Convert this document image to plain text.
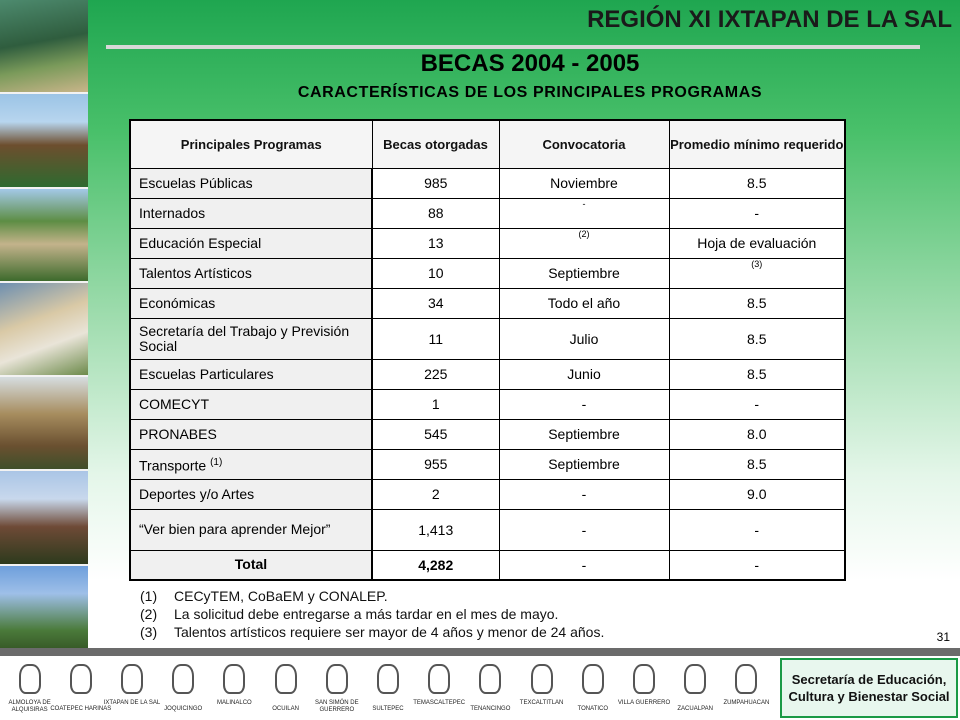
REGIÓN XI IXTAPAN DE LA SAL
BECAS 2004 - 2005
CARACTERÍSTICAS DE LOS PRINCIPALES PROGRAMAS
Principales Programas	Becas otorgadas	Convocatoria	Promedio mínimo requerido
Escuelas Públicas	985	Noviembre	8.5
Internados	88	-	-
Educación Especial	13	(2)	Hoja de evaluación
Talentos Artísticos	10	Septiembre	(3)
Económicas	34	Todo el año	8.5
Secretaría del Trabajo y Previsión Social	11	Julio	8.5
Escuelas Particulares	225	Junio	8.5
COMECYT	1	-	-
PRONABES	545	Septiembre	8.0
Transporte $^{(1)}$	955	Septiembre	8.5
Deportes y/o Artes	2	-	9.0
“Ver bien para aprender Mejor”	1,413	-	-
Total	4,282	-	-
(1) CECyTEM, CoBaEM y CONALEP.
(2) La solicitud debe entregarse a más tardar en el mes de mayo.
(3) Talentos artísticos requiere ser mayor de 4 años y menor de 24 años.	31
ALMOLOYA DE ALQUISIRAS COATEPEC HARINAS
IXTAPAN DE LA SAL
JOQUICINGO
MALINALCO
OCUILAN
SAN SIMÓN DE GUERRERO	SULTEPEC
TEMASCALTEPEC
TENANCINGO
TEXCALTITLAN
TONATICO
VILLA GUERRERO
ZACUALPAN
ZUMPAHUACAN
Secretaría de Educación, Cultura y Bienestar Social
